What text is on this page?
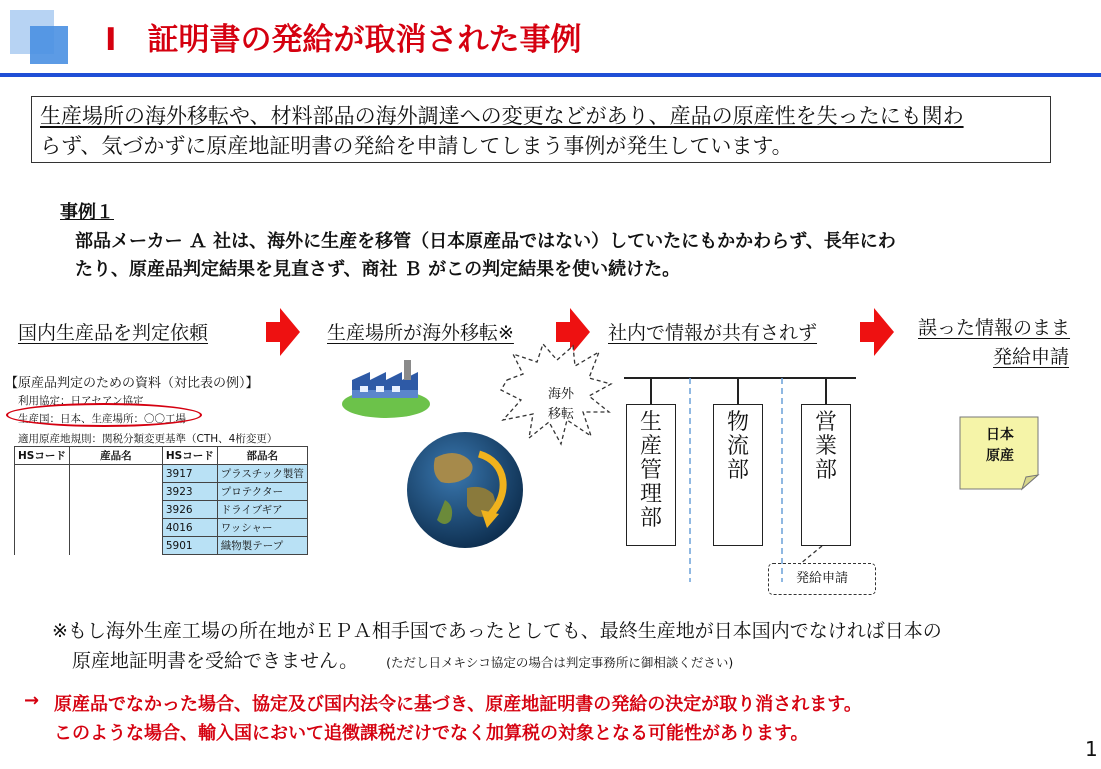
Ⅰ　証明書の発給が取消された事例
生産場所の海外移転や、材料部品の海外調達への変更などがあり、産品の原産性を失ったにも関わ
らず、気づかずに原産地証明書の発給を申請してしまう事例が発生しています。
事例１
部品メーカー Ａ 社は、海外に生産を移管（日本原産品ではない）していたにもかかわらず、長年にわ
たり、原産品判定結果を見直さず、商社 Ｂ がこの判定結果を使い続けた。
国内生産品を判定依頼	生産場所が海外移転※	社内で情報が共有されず	誤った情報のまま
発給申請
【原産品判定のための資料（対比表の例）】
利用協定：日アセアン協定
生産国：日本、生産場所：〇〇工場
適用原産地規則：関税分類変更基準（CTH、4桁変更）
HSコード	産品名	HSコード	部品名
		3917	プラスチック製管
		3923	プロテクター
		3926	ドライブギア
		4016	ワッシャー
		5901	織物製テープ
海外
移転	生
産
管
理
部
物
流
部
営
業
部
発給申請
日本
原産
※もし海外生産工場の所在地がＥＰＡ相手国であったとしても、最終生産地が日本国内でなければ日本の
原産地証明書を受給できません。 (ただし日メキシコ協定の場合は判定事務所に御相談ください)
→ 原産品でなかった場合、協定及び国内法令に基づき、原産地証明書の発給の決定が取り消されます。
このような場合、輸入国において追徴課税だけでなく加算税の対象となる可能性があります。
1
